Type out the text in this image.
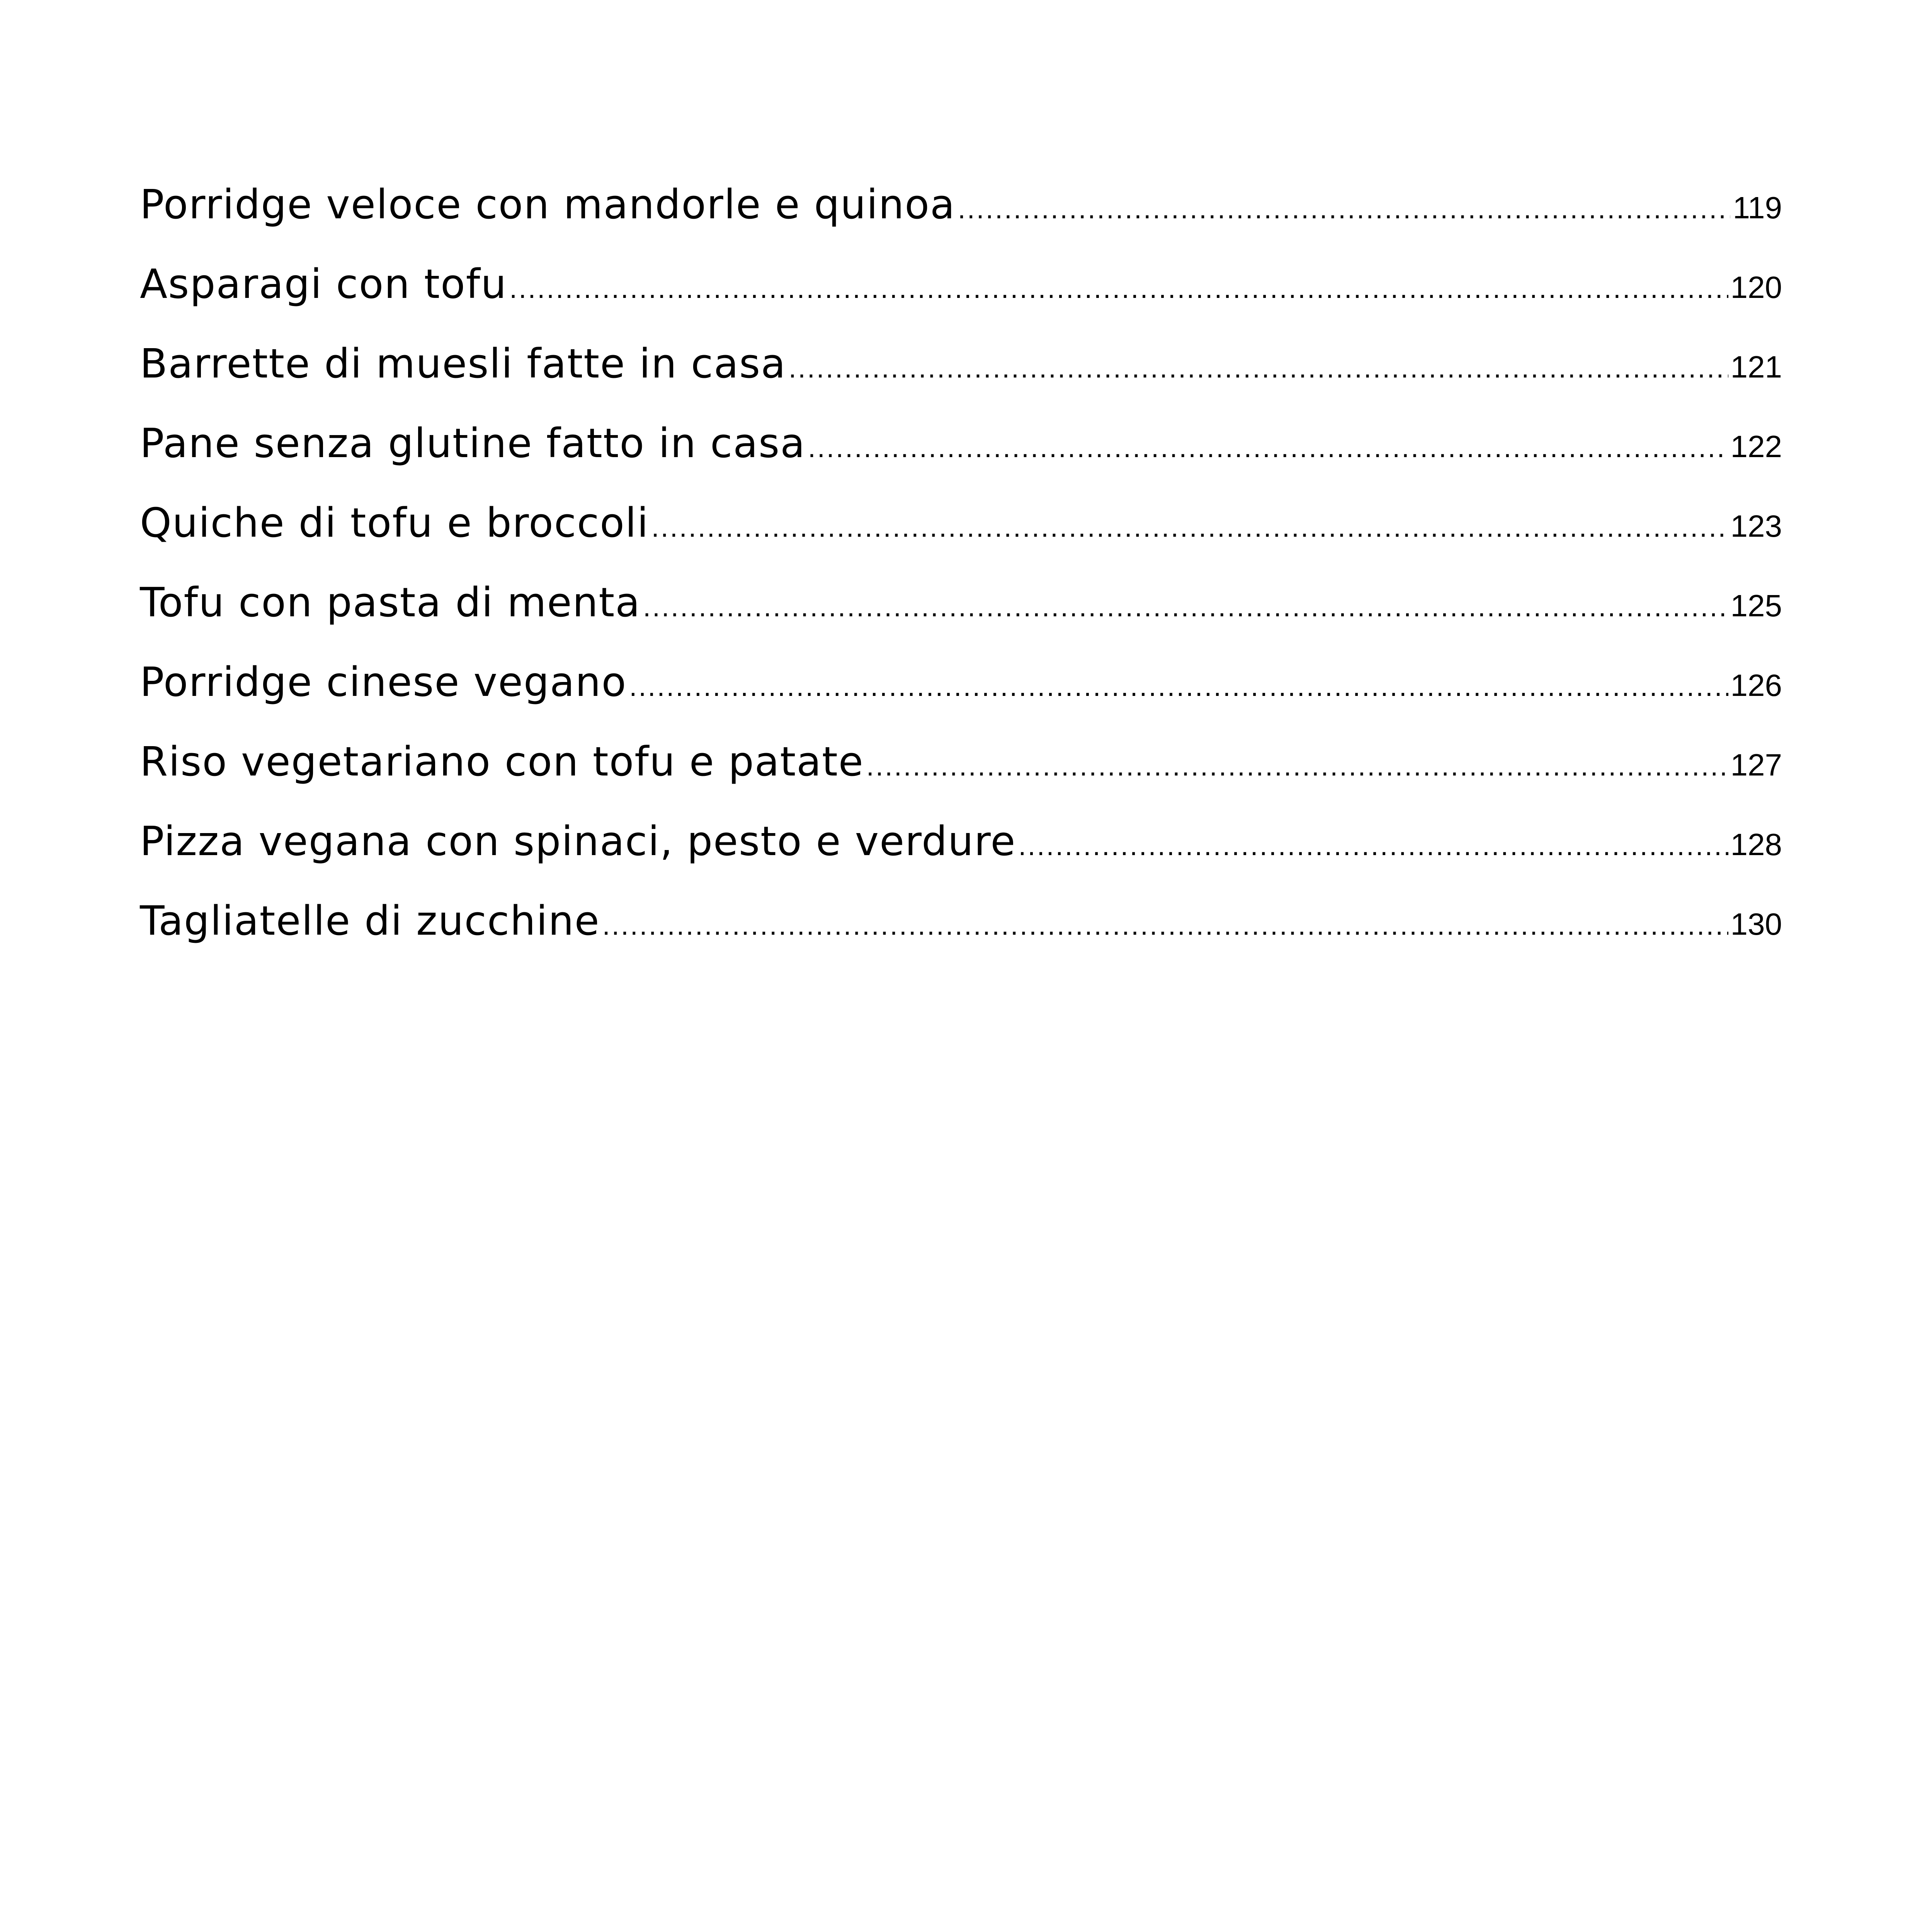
Porridge veloce con mandorle e quinoa .....	119
Asparagi con tofu .....	120
Barrette di muesli fatte in casa .....	121
Pane senza glutine fatto in casa .....	122
Quiche di tofu e broccoli .....	123
Tofu con pasta di menta .....	125
Porridge cinese vegano .....	126
Riso vegetariano con tofu e patate .....	127
Pizza vegana con spinaci, pesto e verdure .....	128
Tagliatelle di zucchine .....	130
